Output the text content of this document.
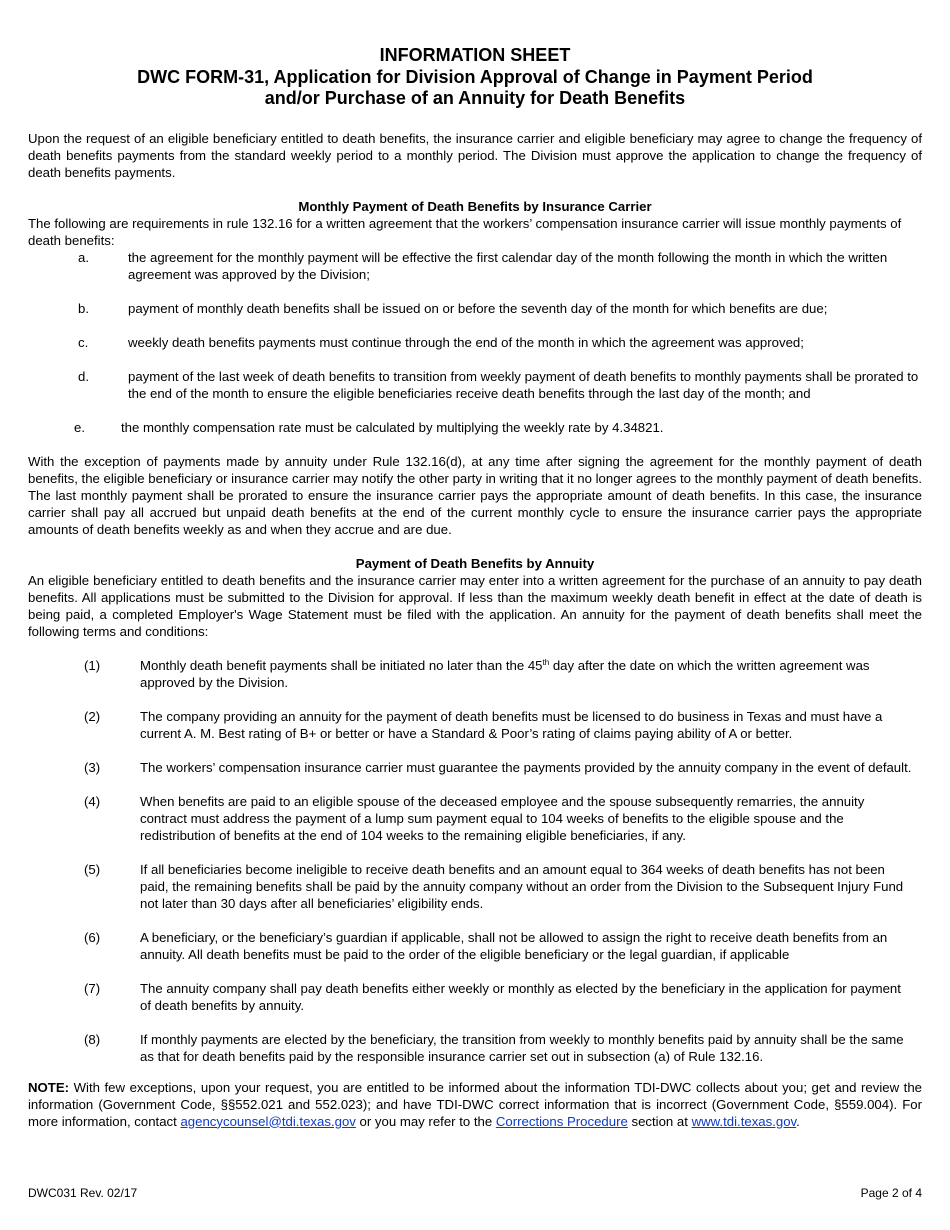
INFORMATION SHEET
DWC FORM-31, Application for Division Approval of Change in Payment Period
and/or Purchase of an Annuity for Death Benefits

Upon the request of an eligible beneficiary entitled to death benefits, the insurance carrier and eligible beneficiary may agree to change the frequency of death benefits payments from the standard weekly period to a monthly period. The Division must approve the application to change the frequency of death benefits payments.

Monthly Payment of Death Benefits by Insurance Carrier

The following are requirements in rule 132.16 for a written agreement that the workers’ compensation insurance carrier will issue monthly payments of death benefits:

a.	the agreement for the monthly payment will be effective the first calendar day of the month following the month in which the written agreement was approved by the Division;
b.	payment of monthly death benefits shall be issued on or before the seventh day of the month for which benefits are due;
c.	weekly death benefits payments must continue through the end of the month in which the agreement was approved;
d.	payment of the last week of death benefits to transition from weekly payment of death benefits to monthly payments shall be prorated to the end of the month to ensure the eligible beneficiaries receive death benefits through the last day of the month; and
e.	the monthly compensation rate must be calculated by multiplying the weekly rate by 4.34821.

With the exception of payments made by annuity under Rule 132.16(d), at any time after signing the agreement for the monthly payment of death benefits, the eligible beneficiary or insurance carrier may notify the other party in writing that it no longer agrees to the monthly payment of death benefits. The last monthly payment shall be prorated to ensure the insurance carrier pays the appropriate amount of death benefits. In this case, the insurance carrier shall pay all accrued but unpaid death benefits at the end of the current monthly cycle to ensure the insurance carrier pays the appropriate amounts of death benefits weekly as and when they accrue and are due.

Payment of Death Benefits by Annuity

An eligible beneficiary entitled to death benefits and the insurance carrier may enter into a written agreement for the purchase of an annuity to pay death benefits. All applications must be submitted to the Division for approval. If less than the maximum weekly death benefit in effect at the date of death is being paid, a completed Employer's Wage Statement must be filed with the application. An annuity for the payment of death benefits shall meet the following terms and conditions:

(1)	Monthly death benefit payments shall be initiated no later than the 45th day after the date on which the written agreement was approved by the Division.
(2)	The company providing an annuity for the payment of death benefits must be licensed to do business in Texas and must have a current A. M. Best rating of B+ or better or have a Standard & Poor’s rating of claims paying ability of A or better.
(3)	The workers’ compensation insurance carrier must guarantee the payments provided by the annuity company in the event of default.
(4)	When benefits are paid to an eligible spouse of the deceased employee and the spouse subsequently remarries, the annuity contract must address the payment of a lump sum payment equal to 104 weeks of benefits to the eligible spouse and the redistribution of benefits at the end of 104 weeks to the remaining eligible beneficiaries, if any.
(5)	If all beneficiaries become ineligible to receive death benefits and an amount equal to 364 weeks of death benefits has not been paid, the remaining benefits shall be paid by the annuity company without an order from the Division to the Subsequent Injury Fund not later than 30 days after all beneficiaries’ eligibility ends.
(6)	A beneficiary, or the beneficiary’s guardian if applicable, shall not be allowed to assign the right to receive death benefits from an annuity. All death benefits must be paid to the order of the eligible beneficiary or the legal guardian, if applicable
(7)	The annuity company shall pay death benefits either weekly or monthly as elected by the beneficiary in the application for payment of death benefits by annuity.
(8)	If monthly payments are elected by the beneficiary, the transition from weekly to monthly benefits paid by annuity shall be the same as that for death benefits paid by the responsible insurance carrier set out in subsection (a) of Rule 132.16.

NOTE: With few exceptions, upon your request, you are entitled to be informed about the information TDI-DWC collects about you; get and review the information (Government Code, §§552.021 and 552.023); and have TDI-DWC correct information that is incorrect (Government Code, §559.004). For more information, contact agencycounsel@tdi.texas.gov or you may refer to the Corrections Procedure section at www.tdi.texas.gov.

DWC031 Rev. 02/17	Page 2 of 4
